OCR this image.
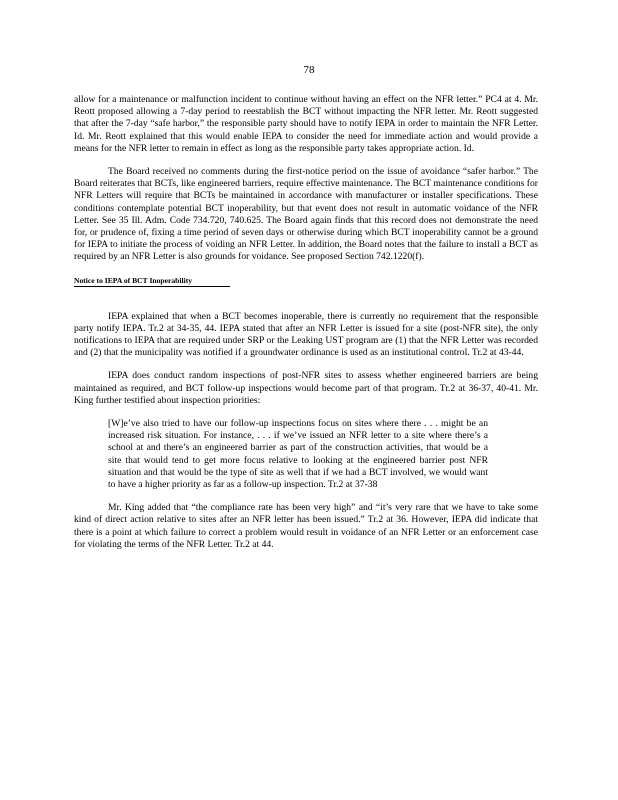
78

allow for a maintenance or malfunction incident to continue without having an effect on the NFR letter.” PC4 at 4. Mr. Reott proposed allowing a 7-day period to reestablish the BCT without impacting the NFR letter. Mr. Reott suggested that after the 7-day “safe harbor,” the responsible party should have to notify IEPA in order to maintain the NFR Letter. Id. Mr. Reott explained that this would enable IEPA to consider the need for immediate action and would provide a means for the NFR letter to remain in effect as long as the responsible party takes appropriate action. Id.

The Board received no comments during the first-notice period on the issue of avoidance “safer harbor.” The Board reiterates that BCTs, like engineered barriers, require effective maintenance. The BCT maintenance conditions for NFR Letters will require that BCTs be maintained in accordance with manufacturer or installer specifications. These conditions contemplate potential BCT inoperability, but that event does not result in automatic voidance of the NFR Letter. See 35 Ill. Adm. Code 734.720, 740.625. The Board again finds that this record does not demonstrate the need for, or prudence of, fixing a time period of seven days or otherwise during which BCT inoperability cannot be a ground for IEPA to initiate the process of voiding an NFR Letter. In addition, the Board notes that the failure to install a BCT as required by an NFR Letter is also grounds for voidance. See proposed Section 742.1220(f).

Notice to IEPA of BCT Inoperability

IEPA explained that when a BCT becomes inoperable, there is currently no requirement that the responsible party notify IEPA. Tr.2 at 34-35, 44. IEPA stated that after an NFR Letter is issued for a site (post-NFR site), the only notifications to IEPA that are required under SRP or the Leaking UST program are (1) that the NFR Letter was recorded and (2) that the municipality was notified if a groundwater ordinance is used as an institutional control. Tr.2 at 43-44.

IEPA does conduct random inspections of post-NFR sites to assess whether engineered barriers are being maintained as required, and BCT follow-up inspections would become part of that program. Tr.2 at 36-37, 40-41. Mr. King further testified about inspection priorities:

[W]e’ve also tried to have our follow-up inspections focus on sites where there . . . might be an increased risk situation. For instance, . . . if we’ve issued an NFR letter to a site where there’s a school at and there’s an engineered barrier as part of the construction activities, that would be a site that would tend to get more focus relative to looking at the engineered barrier post NFR situation and that would be the type of site as well that if we had a BCT involved, we would want to have a higher priority as far as a follow-up inspection. Tr.2 at 37-38

Mr. King added that “the compliance rate has been very high” and “it’s very rare that we have to take some kind of direct action relative to sites after an NFR letter has been issued.” Tr.2 at 36. However, IEPA did indicate that there is a point at which failure to correct a problem would result in voidance of an NFR Letter or an enforcement case for violating the terms of the NFR Letter. Tr.2 at 44.
